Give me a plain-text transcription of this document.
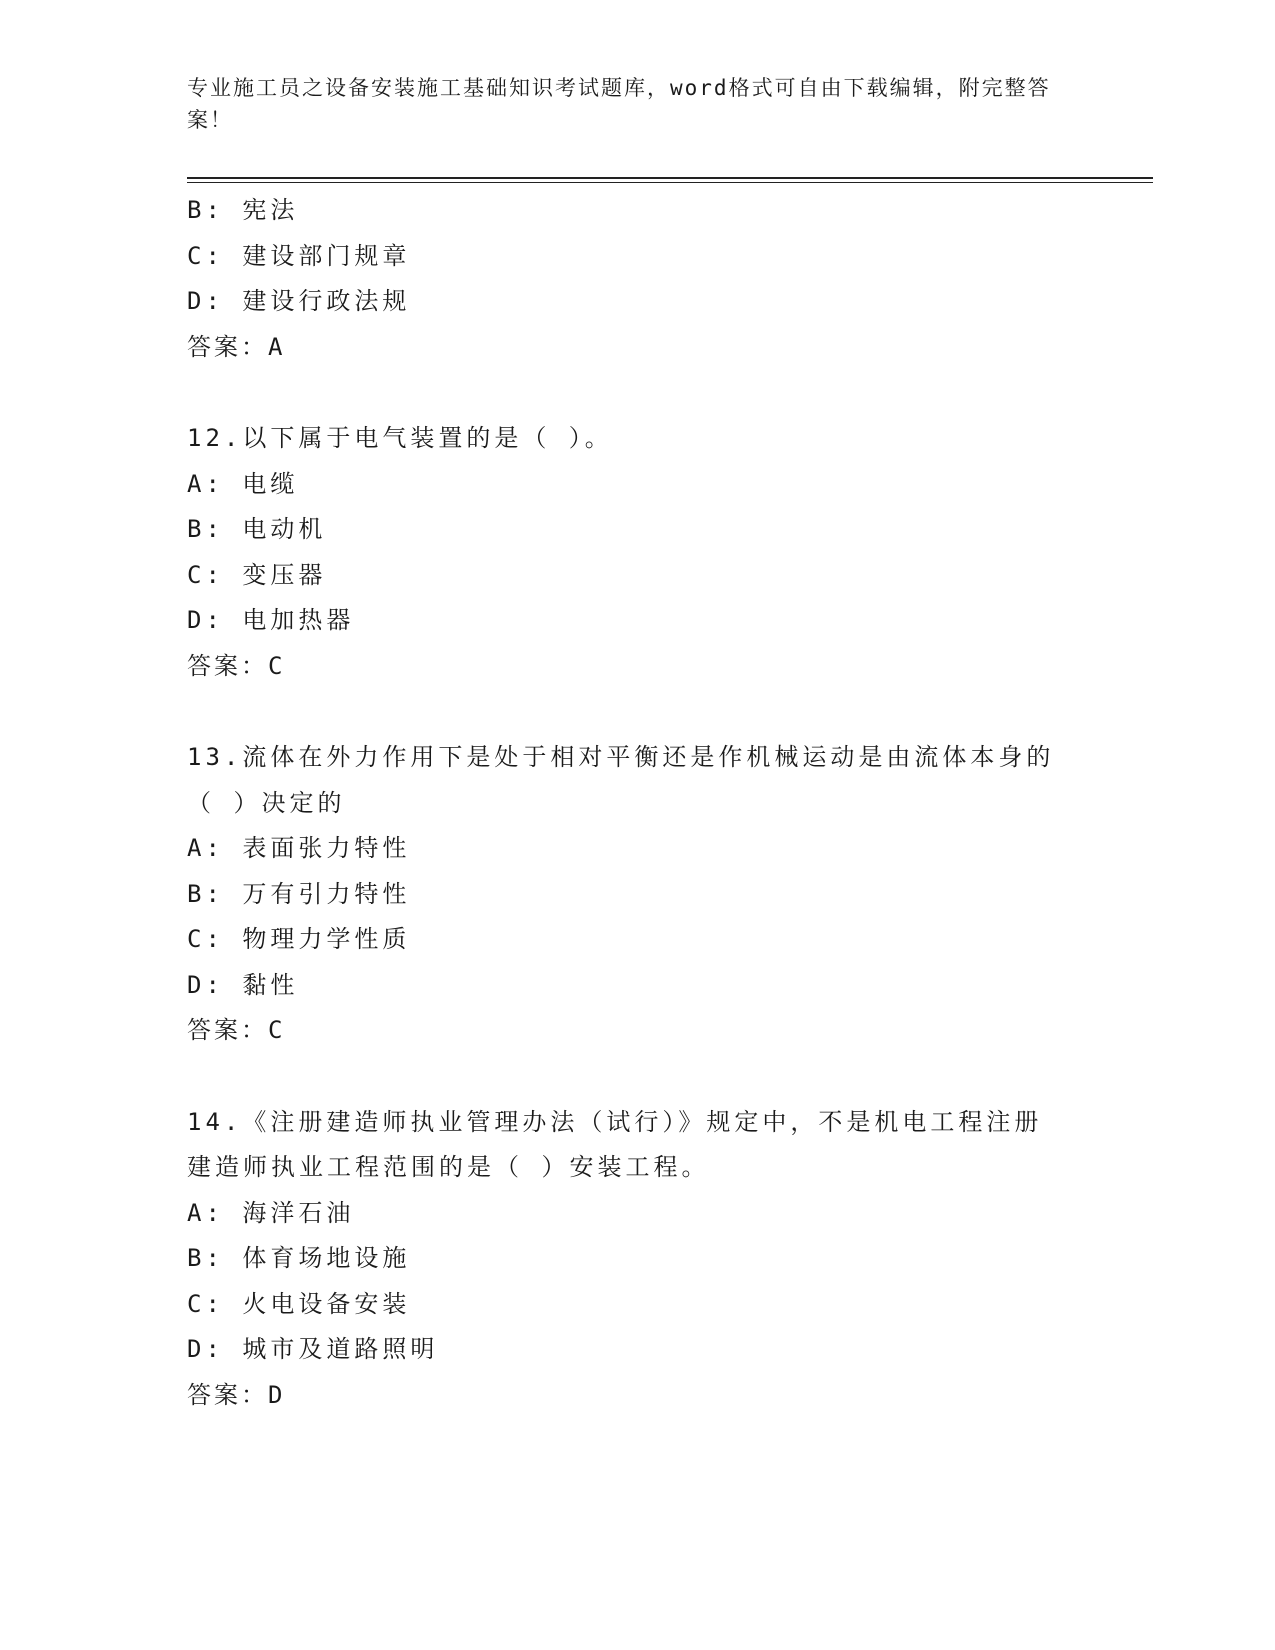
专业施工员之设备安装施工基础知识考试题库，word格式可自由下载编辑，附完整答案！
B: 宪法
C: 建设部门规章
D: 建设行政法规
答案：A
12.以下属于电气装置的是（ ）。
A: 电缆
B: 电动机
C: 变压器
D: 电加热器
答案：C
13.流体在外力作用下是处于相对平衡还是作机械运动是由流体本身的
（ ）决定的
A: 表面张力特性
B: 万有引力特性
C: 物理力学性质
D: 黏性
答案：C
14.《注册建造师执业管理办法（试行）》规定中，不是机电工程注册
建造师执业工程范围的是（ ）安装工程。
A: 海洋石油
B: 体育场地设施
C: 火电设备安装
D: 城市及道路照明
答案：D
